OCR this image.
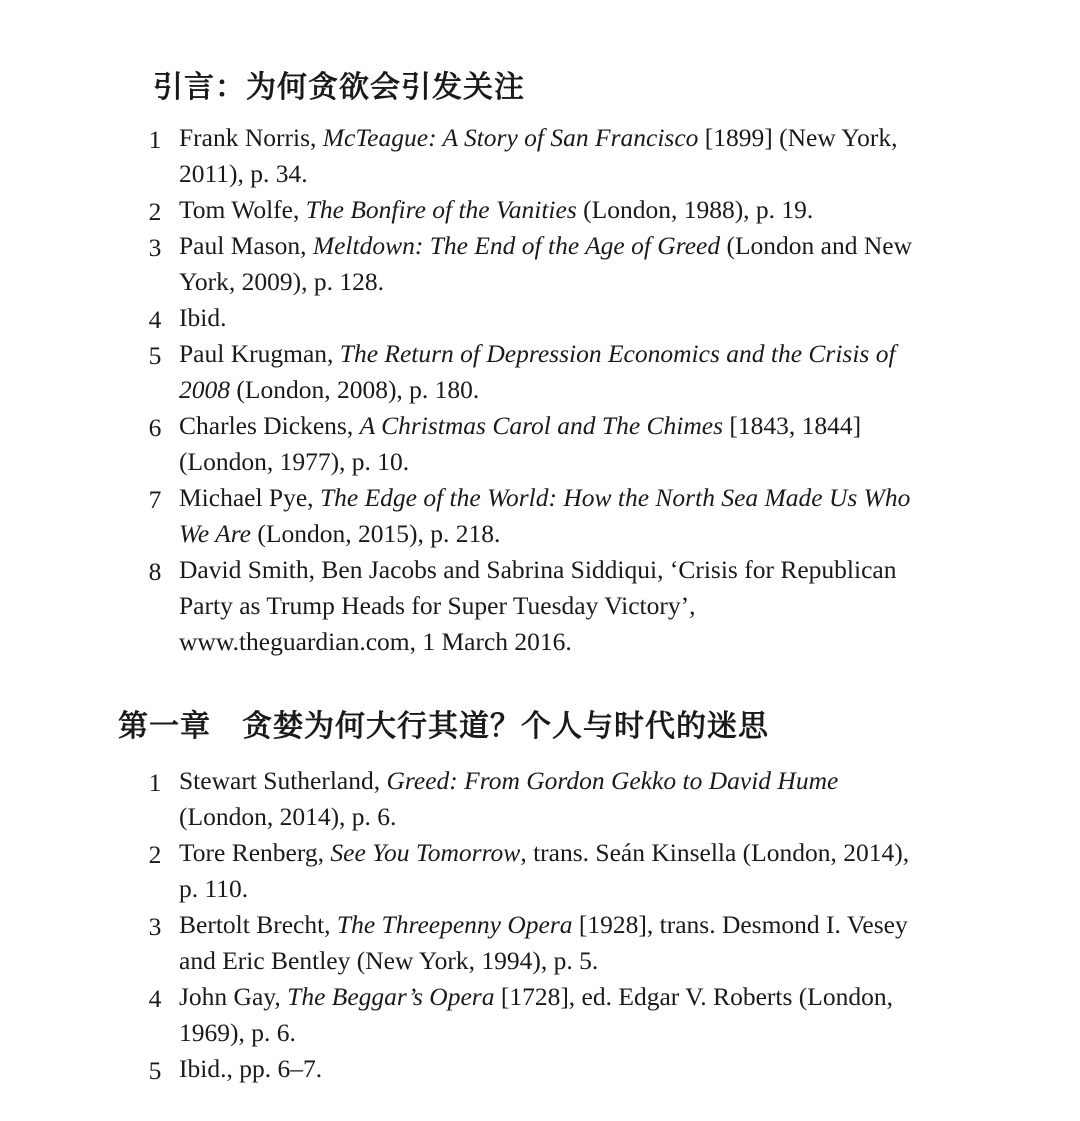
引言：为何贪欲会引发关注
1 Frank Norris, McTeague: A Story of San Francisco [1899] (New York, 2011), p. 34.
2 Tom Wolfe, The Bonfire of the Vanities (London, 1988), p. 19.
3 Paul Mason, Meltdown: The End of the Age of Greed (London and New York, 2009), p. 128.
4 Ibid.
5 Paul Krugman, The Return of Depression Economics and the Crisis of 2008 (London, 2008), p. 180.
6 Charles Dickens, A Christmas Carol and The Chimes [1843, 1844] (London, 1977), p. 10.
7 Michael Pye, The Edge of the World: How the North Sea Made Us Who We Are (London, 2015), p. 218.
8 David Smith, Ben Jacobs and Sabrina Siddiqui, ‘Crisis for Republican Party as Trump Heads for Super Tuesday Victory’, www.theguardian.com, 1 March 2016.
第一章　贪婪为何大行其道？个人与时代的迷思
1 Stewart Sutherland, Greed: From Gordon Gekko to David Hume (London, 2014), p. 6.
2 Tore Renberg, See You Tomorrow, trans. Seán Kinsella (London, 2014), p. 110.
3 Bertolt Brecht, The Threepenny Opera [1928], trans. Desmond I. Vesey and Eric Bentley (New York, 1994), p. 5.
4 John Gay, The Beggar’s Opera [1728], ed. Edgar V. Roberts (London, 1969), p. 6.
5 Ibid., pp. 6–7.
